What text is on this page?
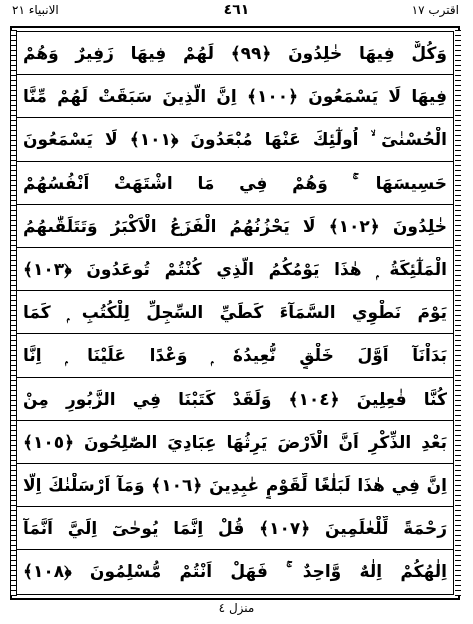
الانبیاء ٢١	٤٦١	اقترب ١٧
وَكُلٌّ فِيهَا خٰلِدُونَ ﴿٩٩﴾ لَهُمْ فِيهَا زَفِيرٌ وَهُمْ
فِيهَا لَا يَسْمَعُونَ ﴿١٠٠﴾ اِنَّ الَّذِينَ سَبَقَتْ لَهُمْ مِّنَّا
الْحُسْنٰىٓ ۙ اُولٰٓئِكَ عَنْهَا مُبْعَدُونَ ﴿١٠١﴾ لَا يَسْمَعُونَ
حَسِيسَهَا ۚ وَهُمْ فِي مَا اشْتَهَتْ اَنْفُسُهُمْ
خٰلِدُونَ ﴿١٠٢﴾ لَا يَحْزُنُهُمُ الْفَزَعُ الْاَكْبَرُ وَتَتَلَقّٰىهُمُ
الْمَلٰٓئِكَةُ ۭ هٰذَا يَوْمُكُمُ الَّذِي كُنْتُمْ تُوعَدُونَ ﴿١٠٣﴾
يَوْمَ نَطْوِي السَّمَآءَ كَطَيِّ السِّجِلِّ لِلْكُتُبِ ۭ كَمَا
بَدَاْنَآ اَوَّلَ خَلْقٍ نُّعِيدُهٗ ۭ وَعْدًا عَلَيْنَا ۭ اِنَّا
كُنَّا فٰعِلِينَ ﴿١٠٤﴾ وَلَقَدْ كَتَبْنَا فِي الزَّبُورِ مِنْ
بَعْدِ الذِّكْرِ اَنَّ الْاَرْضَ يَرِثُهَا عِبَادِيَ الصّٰلِحُونَ ﴿١٠٥﴾
اِنَّ فِي هٰذَا لَبَلٰغًا لِّقَوْمٍ عٰبِدِينَ ﴿١٠٦﴾ وَمَآ اَرْسَلْنٰكَ اِلَّا
رَحْمَةً لِّلْعٰلَمِينَ ﴿١٠٧﴾ قُلْ اِنَّمَا يُوحٰىٓ اِلَيَّ اَنَّمَآ
اِلٰهُكُمْ اِلٰهٌ وَّاحِدٌ ۚ فَهَلْ اَنْتُمْ مُّسْلِمُونَ ﴿١٠٨﴾
منزل ٤
